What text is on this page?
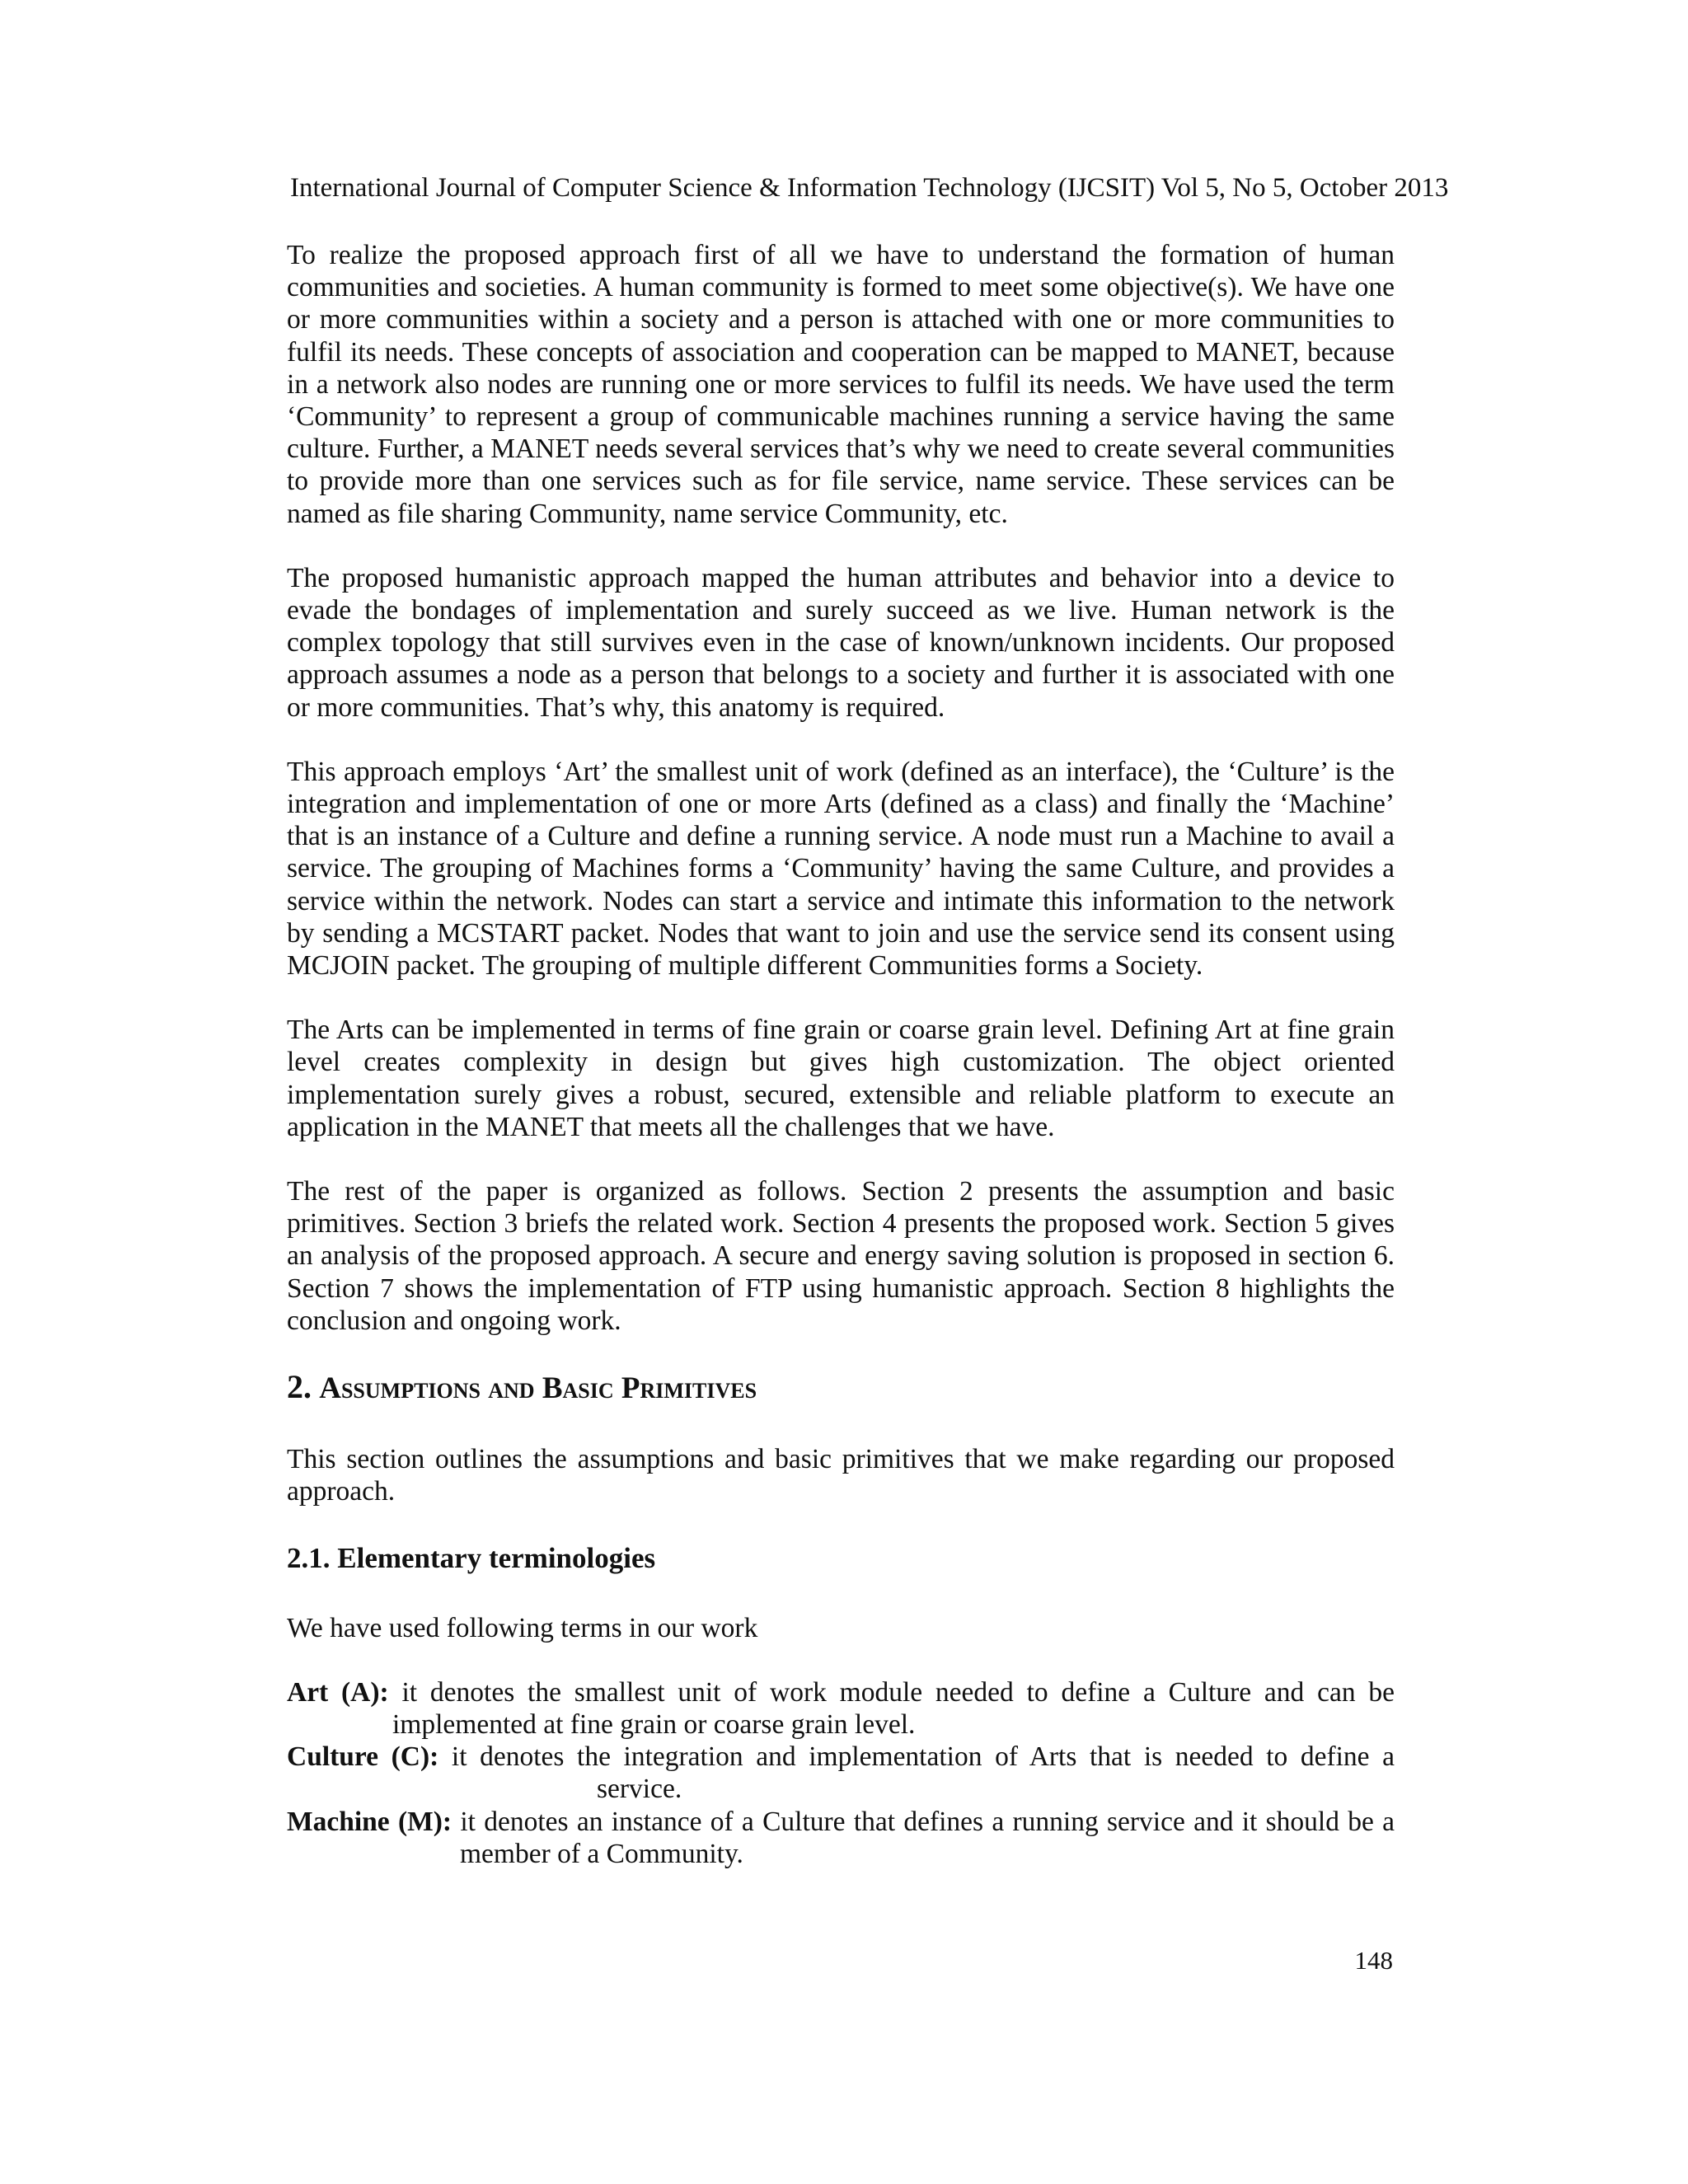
International Journal of Computer Science & Information Technology (IJCSIT) Vol 5, No 5, October 2013

To realize the proposed approach first of all we have to understand the formation of human communities and societies. A human community is formed to meet some objective(s). We have one or more communities within a society and a person is attached with one or more communities to fulfil its needs. These concepts of association and cooperation can be mapped to MANET, because in a network also nodes are running one or more services to fulfil its needs. We have used the term ‘Community’ to represent a group of communicable machines running a service having the same culture. Further, a MANET needs several services that’s why we need to create several communities to provide more than one services such as for file service, name service. These services can be named as file sharing Community, name service Community, etc.

The proposed humanistic approach mapped the human attributes and behavior into a device to evade the bondages of implementation and surely succeed as we live. Human network is the complex topology that still survives even in the case of known/unknown incidents. Our proposed approach assumes a node as a person that belongs to a society and further it is associated with one or more communities. That’s why, this anatomy is required.

This approach employs ‘Art’ the smallest unit of work (defined as an interface), the ‘Culture’ is the integration and implementation of one or more Arts (defined as a class) and finally the ‘Machine’ that is an instance of a Culture and define a running service. A node must run a Machine to avail a service. The grouping of Machines forms a ‘Community’ having the same Culture, and provides a service within the network. Nodes can start a service and intimate this information to the network by sending a MCSTART packet. Nodes that want to join and use the service send its consent using MCJOIN packet. The grouping of multiple different Communities forms a Society.

The Arts can be implemented in terms of fine grain or coarse grain level. Defining Art at fine grain level creates complexity in design but gives high customization. The object oriented implementation surely gives a robust, secured, extensible and reliable platform to execute an application in the MANET that meets all the challenges that we have.

The rest of the paper is organized as follows. Section 2 presents the assumption and basic primitives. Section 3 briefs the related work. Section 4 presents the proposed work. Section 5 gives an analysis of the proposed approach. A secure and energy saving solution is proposed in section 6. Section 7 shows the implementation of FTP using humanistic approach. Section 8 highlights the conclusion and ongoing work.

2. Assumptions and Basic Primitives

This section outlines the assumptions and basic primitives that we make regarding our proposed approach.

2.1. Elementary terminologies

We have used following terms in our work

Art (A): it denotes the smallest unit of work module needed to define a Culture and can be
implemented at fine grain or coarse grain level.
Culture (C): it denotes the integration and implementation of Arts that is needed to define a
service.
Machine (M): it denotes an instance of a Culture that defines a running service and it should be a
member of a Community.
148
